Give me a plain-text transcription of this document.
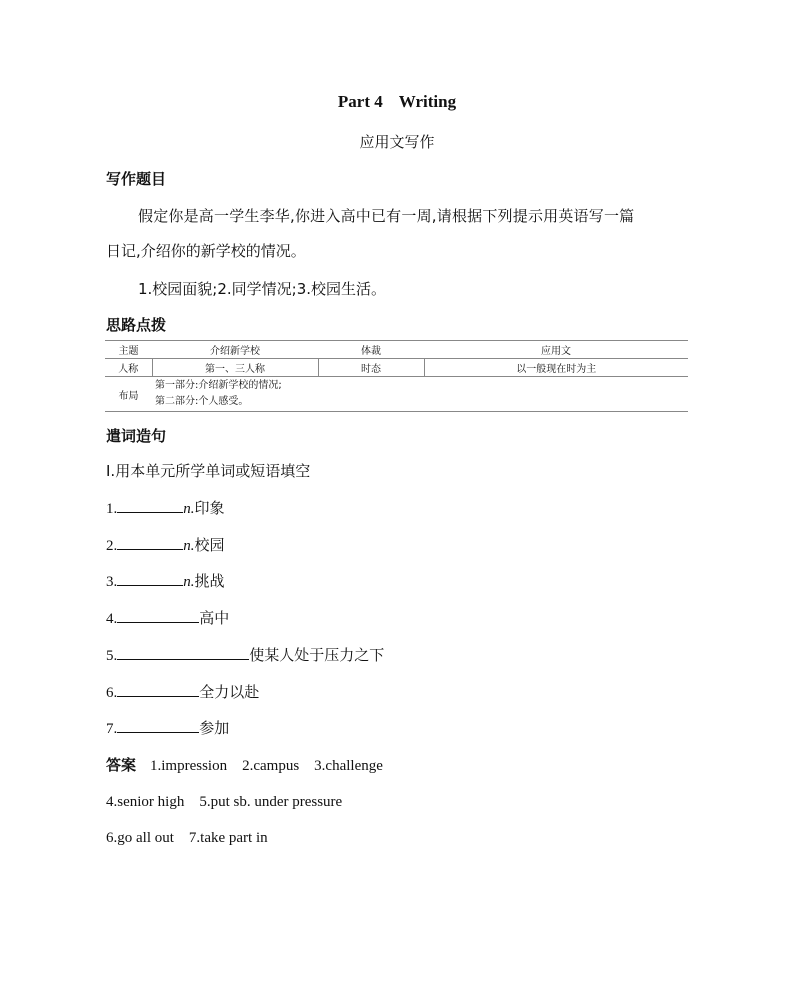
Part 4 Writing
应用文写作
写作题目
假定你是高一学生李华,你进入高中已有一周,请根据下列提示用英语写一篇
日记,介绍你的新学校的情况。
1.校园面貌;2.同学情况;3.校园生活。
思路点拨
主题	介绍新学校	体裁	应用文
人称	第一、三人称	时态	以一般现在时为主
布局	第一部分:介绍新学校的情况;
第二部分:个人感受。		
遣词造句
Ⅰ.用本单元所学单词或短语填空
1.	n.印象
2.	n.校园
3.	n.挑战
4.	高中
5.	使某人处于压力之下
6.	全力以赴
7.	参加
答案 1.impression　2.campus　3.challenge
4.senior high　5.put sb. under pressure
6.go all out　7.take part in
